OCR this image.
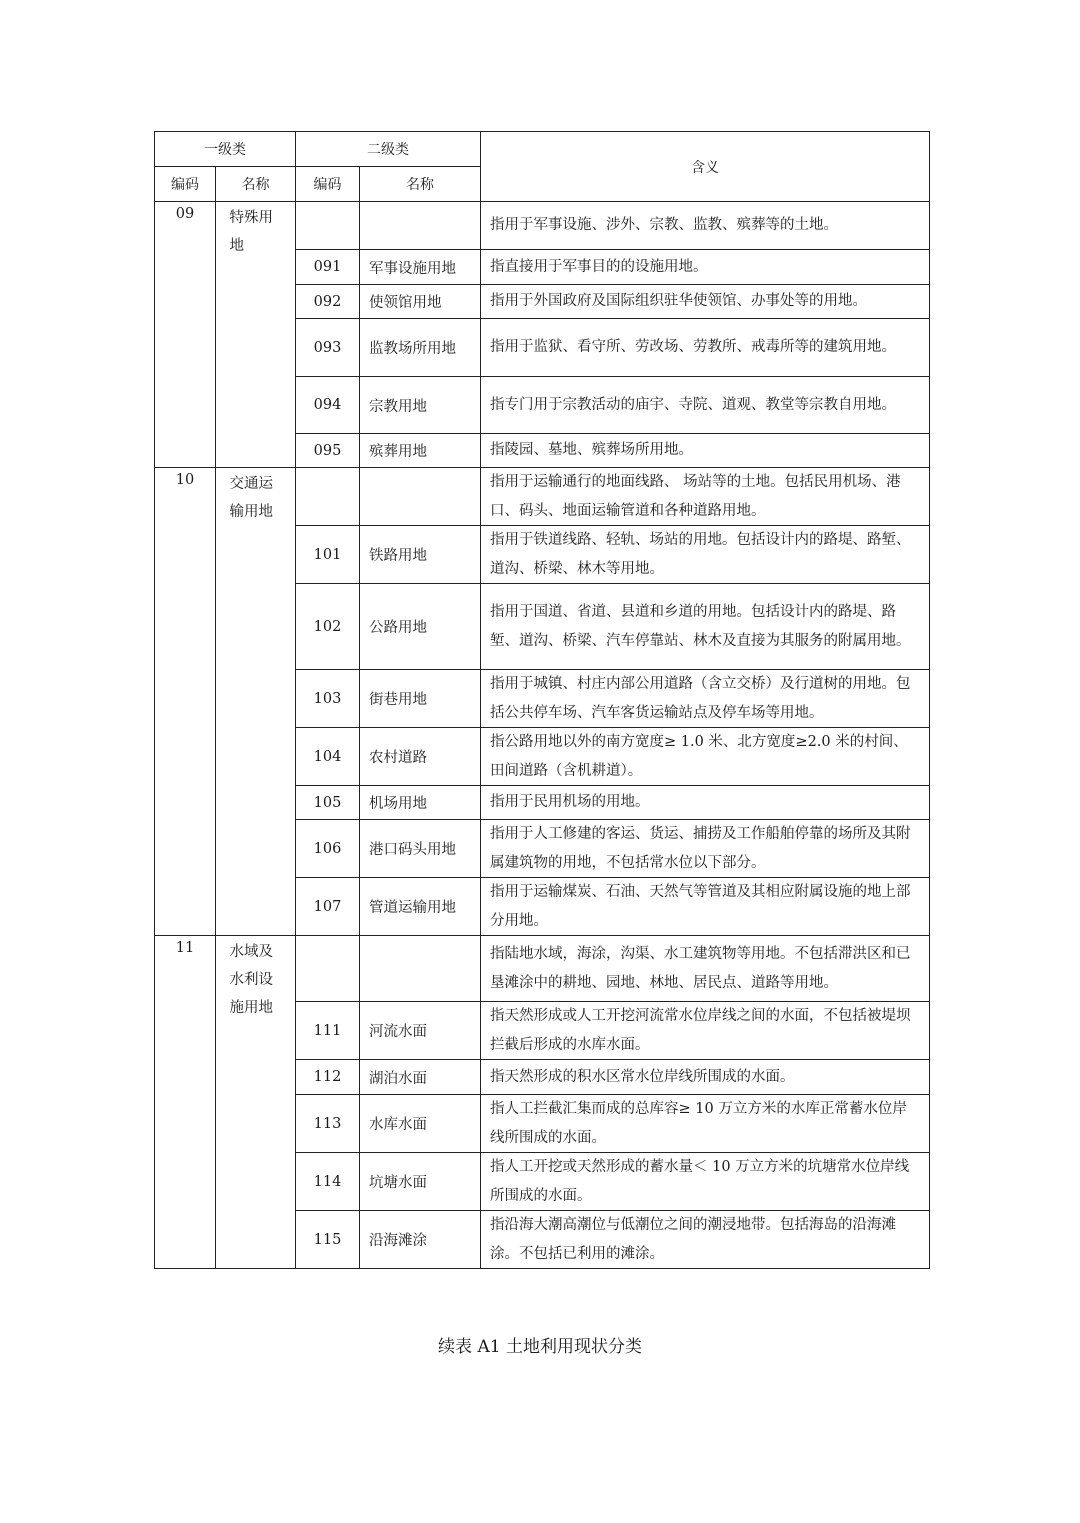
一级类		二级类		含义
编码	名称	编码	名称	
09	特殊用地			指用于军事设施、涉外、宗教、监教、殡葬等的土地。
		091	军事设施用地	指直接用于军事目的的设施用地。
		092	使领馆用地	指用于外国政府及国际组织驻华使领馆、办事处等的用地。
		093	监教场所用地	指用于监狱、看守所、劳改场、劳教所、戒毒所等的建筑用地。
		094	宗教用地	指专门用于宗教活动的庙宇、寺院、道观、教堂等宗教自用地。
		095	殡葬用地	指陵园、墓地、殡葬场所用地。
10	交通运输用地			指用于运输通行的地面线路、 场站等的土地。包括民用机场、港口、码头、地面运输管道和各种道路用地。
		101	铁路用地	指用于铁道线路、轻轨、场站的用地。包括设计内的路堤、路堑、道沟、桥梁、林木等用地。
		102	公路用地	指用于国道、省道、县道和乡道的用地。包括设计内的路堤、路堑、道沟、桥梁、汽车停靠站、林木及直接为其服务的附属用地。
		103	街巷用地	指用于城镇、村庄内部公用道路（含立交桥）及行道树的用地。包括公共停车场、汽车客货运输站点及停车场等用地。
		104	农村道路	指公路用地以外的南方宽度≥ 1.0 米、北方宽度≥2.0 米的村间、田间道路（含机耕道）。
		105	机场用地	指用于民用机场的用地。
		106	港口码头用地	指用于人工修建的客运、货运、捕捞及工作船舶停靠的场所及其附属建筑物的用地，不包括常水位以下部分。
		107	管道运输用地	指用于运输煤炭、石油、天然气等管道及其相应附属设施的地上部分用地。
11	水域及水利设施用地			指陆地水域，海涂，沟渠、水工建筑物等用地。不包括滞洪区和已垦滩涂中的耕地、园地、林地、居民点、道路等用地。
		111	河流水面	指天然形成或人工开挖河流常水位岸线之间的水面，不包括被堤坝拦截后形成的水库水面。
		112	湖泊水面	指天然形成的积水区常水位岸线所围成的水面。
		113	水库水面	指人工拦截汇集而成的总库容≥ 10 万立方米的水库正常蓄水位岸线所围成的水面。
		114	坑塘水面	指人工开挖或天然形成的蓄水量＜ 10 万立方米的坑塘常水位岸线所围成的水面。
		115	沿海滩涂	指沿海大潮高潮位与低潮位之间的潮浸地带。包括海岛的沿海滩涂。不包括已利用的滩涂。
续表 A1 土地利用现状分类
